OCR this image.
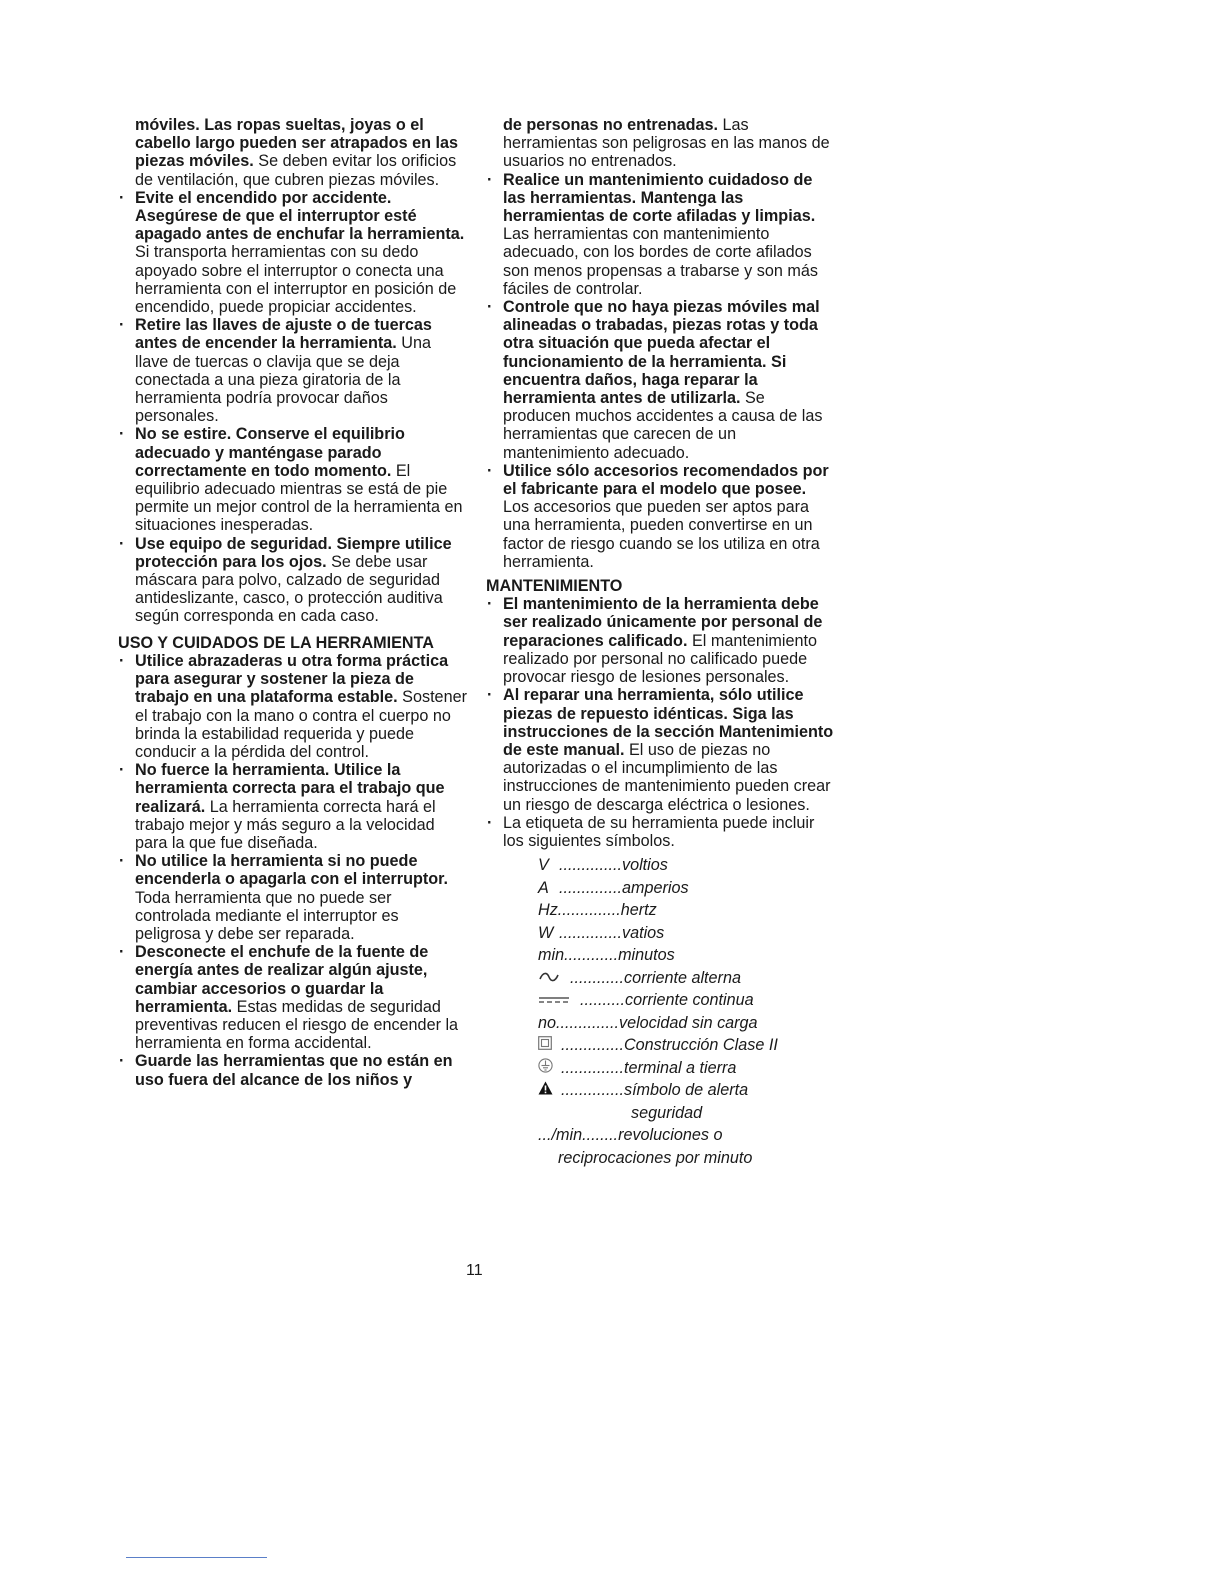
móviles. Las ropas sueltas, joyas o el cabello largo pueden ser atrapados en las piezas móviles. Se deben evitar los orificios de ventilación, que cubren piezas móviles.
· Evite el encendido por accidente. Asegúrese de que el interruptor esté apagado antes de enchufar la herramienta. Si transporta herramientas con su dedo apoyado sobre el interruptor o conecta una herramienta con el interruptor en posición de encendido, puede propiciar accidentes.
· Retire las llaves de ajuste o de tuercas antes de encender la herramienta. Una llave de tuercas o clavija que se deja conectada a una pieza giratoria de la herramienta podría provocar daños personales.
· No se estire. Conserve el equilibrio adecuado y manténgase parado correctamente en todo momento. El equilibrio adecuado mientras se está de pie permite un mejor control de la herramienta en situaciones inesperadas.
· Use equipo de seguridad. Siempre utilice protección para los ojos. Se debe usar máscara para polvo, calzado de seguridad antideslizante, casco, o protección auditiva según corresponda en cada caso.
USO Y CUIDADOS DE LA HERRAMIENTA
· Utilice abrazaderas u otra forma práctica para asegurar y sostener la pieza de trabajo en una plataforma estable. Sostener el trabajo con la mano o contra el cuerpo no brinda la estabilidad requerida y puede conducir a la pérdida del control.
· No fuerce la herramienta. Utilice la herramienta correcta para el trabajo que realizará. La herramienta correcta hará el trabajo mejor y más seguro a la velocidad para la que fue diseñada.
· No utilice la herramienta si no puede encenderla o apagarla con el interruptor. Toda herramienta que no puede ser controlada mediante el interruptor es peligrosa y debe ser reparada.
· Desconecte el enchufe de la fuente de energía antes de realizar algún ajuste, cambiar accesorios o guardar la herramienta. Estas medidas de seguridad preventivas reducen el riesgo de encender la herramienta en forma accidental.
· Guarde las herramientas que no están en uso fuera del alcance de los niños y
de personas no entrenadas. Las herramientas son peligrosas en las manos de usuarios no entrenados.
· Realice un mantenimiento cuidadoso de las herramientas. Mantenga las herramientas de corte afiladas y limpias. Las herramientas con mantenimiento adecuado, con los bordes de corte afilados son menos propensas a trabarse y son más fáciles de controlar.
· Controle que no haya piezas móviles mal alineadas o trabadas, piezas rotas y toda otra situación que pueda afectar el funcionamiento de la herramienta. Si encuentra daños, haga reparar la herramienta antes de utilizarla. Se producen muchos accidentes a causa de las herramientas que carecen de un mantenimiento adecuado.
· Utilice sólo accesorios recomendados por el fabricante para el modelo que posee. Los accesorios que pueden ser aptos para una herramienta, pueden convertirse en un factor de riesgo cuando se los utiliza en otra herramienta.
MANTENIMIENTO
· El mantenimiento de la herramienta debe ser realizado únicamente por personal de reparaciones calificado. El mantenimiento realizado por personal no calificado puede provocar riesgo de lesiones personales.
· Al reparar una herramienta, sólo utilice piezas de repuesto idénticas. Siga las instrucciones de la sección Mantenimiento de este manual. El uso de piezas no autorizadas o el incumplimiento de las instrucciones de mantenimiento pueden crear un riesgo de descarga eléctrica o lesiones.
· La etiqueta de su herramienta puede incluir los siguientes símbolos.
V .............. voltios
A .............. amperios
Hz .............. hertz
W .............. vatios
min ............ minutos
............ corriente alterna
.......... corriente continua
no .............. velocidad sin carga
.............. Construcción Clase II
.............. terminal a tierra
.............. símbolo de alerta
seguridad
.../min ........ revoluciones o
reciprocaciones por minuto
11
